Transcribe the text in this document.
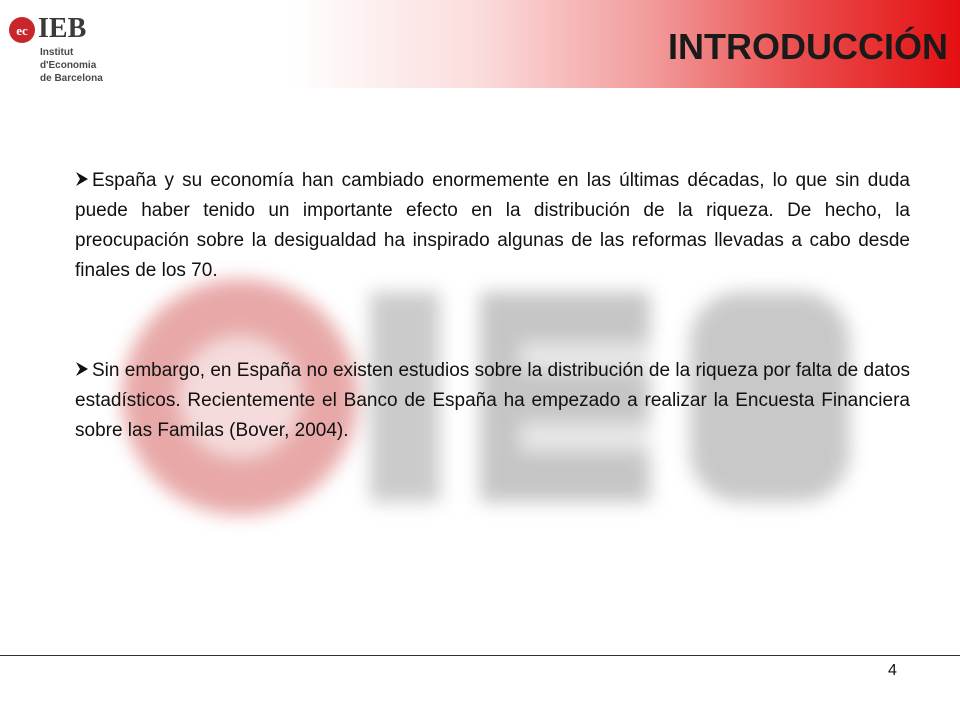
ec IEB
Institut
d'Economia
de Barcelona
INTRODUCCIÓN

España y su economía han cambiado enormemente en las últimas décadas, lo que sin duda puede haber tenido un importante efecto en la distribución de la riqueza. De hecho, la preocupación sobre la desigualdad ha inspirado algunas de las reformas llevadas a cabo desde finales de los 70.

Sin embargo, en España no existen estudios sobre la distribución de la riqueza por falta de datos estadísticos. Recientemente el Banco de España ha empezado a realizar la Encuesta Financiera sobre las Familas (Bover, 2004).

4
